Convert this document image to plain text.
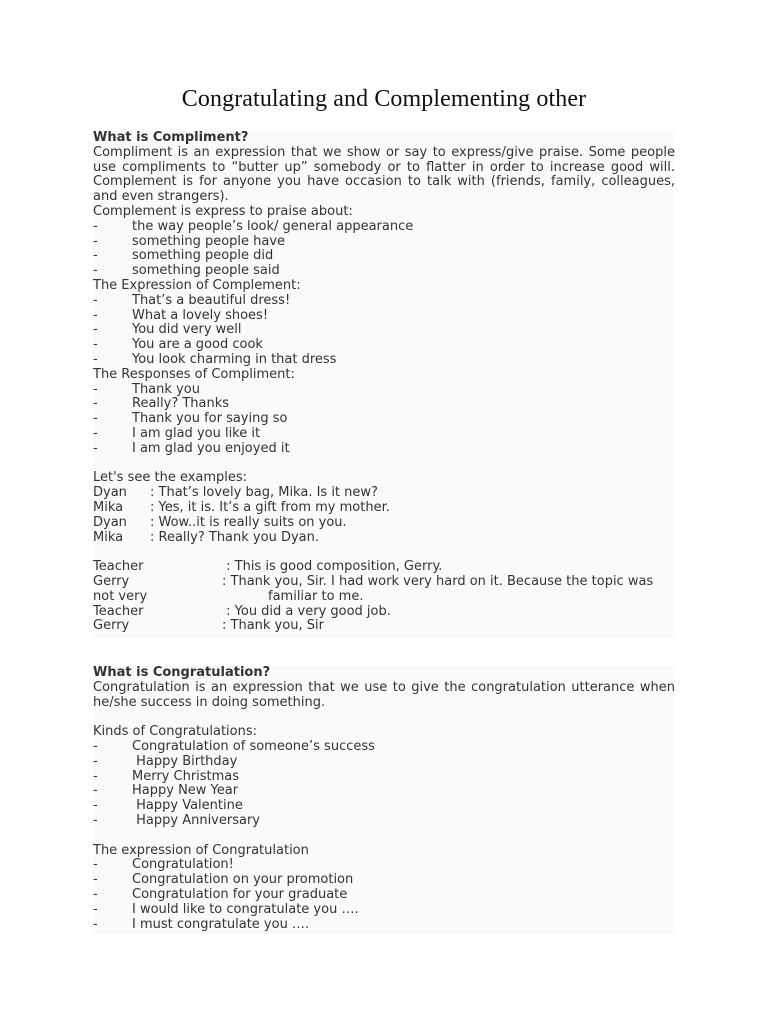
Congratulating and Complementing other
What is Compliment?
Compliment is an expression that we show or say to express/give praise. Some people use compliments to “butter up” somebody or to flatter in order to increase good will. Complement is for anyone you have occasion to talk with (friends, family, colleagues, and even strangers).
Complement is express to praise about:
-	the way people’s look/ general appearance
-	something people have
-	something people did
-	something people said
The Expression of Complement:
-	That’s a beautiful dress!
-	What a lovely shoes!
-	You did very well
-	You are a good cook
-	You look charming in that dress
The Responses of Compliment:
-	Thank you
-	Really? Thanks
-	Thank you for saying so
-	I am glad you like it
-	I am glad you enjoyed it
Let's see the examples:
Dyan : That’s lovely bag, Mika. Is it new?
Mika : Yes, it is. It’s a gift from my mother.
Dyan : Wow..it is really suits on you.
Mika : Really? Thank you Dyan.
Teacher	: This is good composition, Gerry.
Gerry	: Thank you, Sir. I had work very hard on it. Because the topic was
not very	familiar to me.
Teacher	: You did a very good job.
Gerry	: Thank you, Sir
What is Congratulation?
Congratulation is an expression that we use to give the congratulation utterance when he/she success in doing something.
Kinds of Congratulations:
-	Congratulation of someone’s success
-	Happy Birthday
-	Merry Christmas
-	Happy New Year
-	Happy Valentine
-	Happy Anniversary
The expression of Congratulation
-	Congratulation!
-	Congratulation on your promotion
-	Congratulation for your graduate
-	I would like to congratulate you ….
-	I must congratulate you ….
